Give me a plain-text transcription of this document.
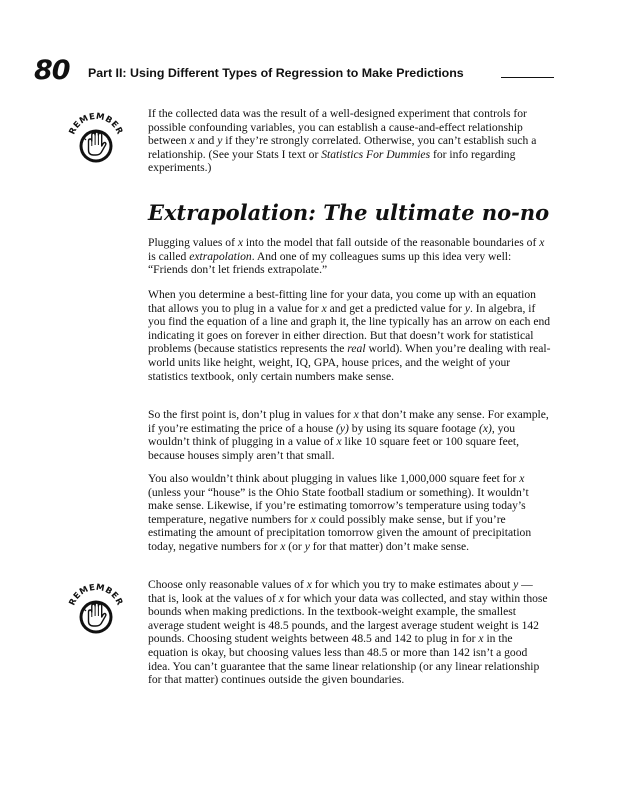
80 Part II: Using Different Types of Regression to Make Predictions
REMEMBER

If the collected data was the result of a well-designed experiment that controls for possible confounding variables, you can establish a cause-and-effect relationship between x and y if they’re strongly correlated. Otherwise, you can’t establish such a relationship. (See your Stats I text or Statistics For Dummies for info regarding experiments.)

Extrapolation: The ultimate no-no

Plugging values of x into the model that fall outside of the reasonable boundaries of x is called extrapolation. And one of my colleagues sums up this idea very well: “Friends don’t let friends extrapolate.”

When you determine a best-fitting line for your data, you come up with an equation that allows you to plug in a value for x and get a predicted value for y. In algebra, if you find the equation of a line and graph it, the line typically has an arrow on each end indicating it goes on forever in either direction. But that doesn’t work for statistical problems (because statistics represents the real world). When you’re dealing with real-world units like height, weight, IQ, GPA, house prices, and the weight of your statistics textbook, only certain numbers make sense.

So the first point is, don’t plug in values for x that don’t make any sense. For example, if you’re estimating the price of a house (y) by using its square footage (x), you wouldn’t think of plugging in a value of x like 10 square feet or 100 square feet, because houses simply aren’t that small.

You also wouldn’t think about plugging in values like 1,000,000 square feet for x (unless your “house” is the Ohio State football stadium or something). It wouldn’t make sense. Likewise, if you’re estimating tomorrow’s temperature using today’s temperature, negative numbers for x could possibly make sense, but if you’re estimating the amount of precipitation tomorrow given the amount of precipitation today, negative numbers for x (or y for that matter) don’t make sense.

REMEMBER

Choose only reasonable values of x for which you try to make estimates about y — that is, look at the values of x for which your data was collected, and stay within those bounds when making predictions. In the textbook-weight example, the smallest average student weight is 48.5 pounds, and the largest average student weight is 142 pounds. Choosing student weights between 48.5 and 142 to plug in for x in the equation is okay, but choosing values less than 48.5 or more than 142 isn’t a good idea. You can’t guarantee that the same linear relationship (or any linear relationship for that matter) continues outside the given boundaries.
